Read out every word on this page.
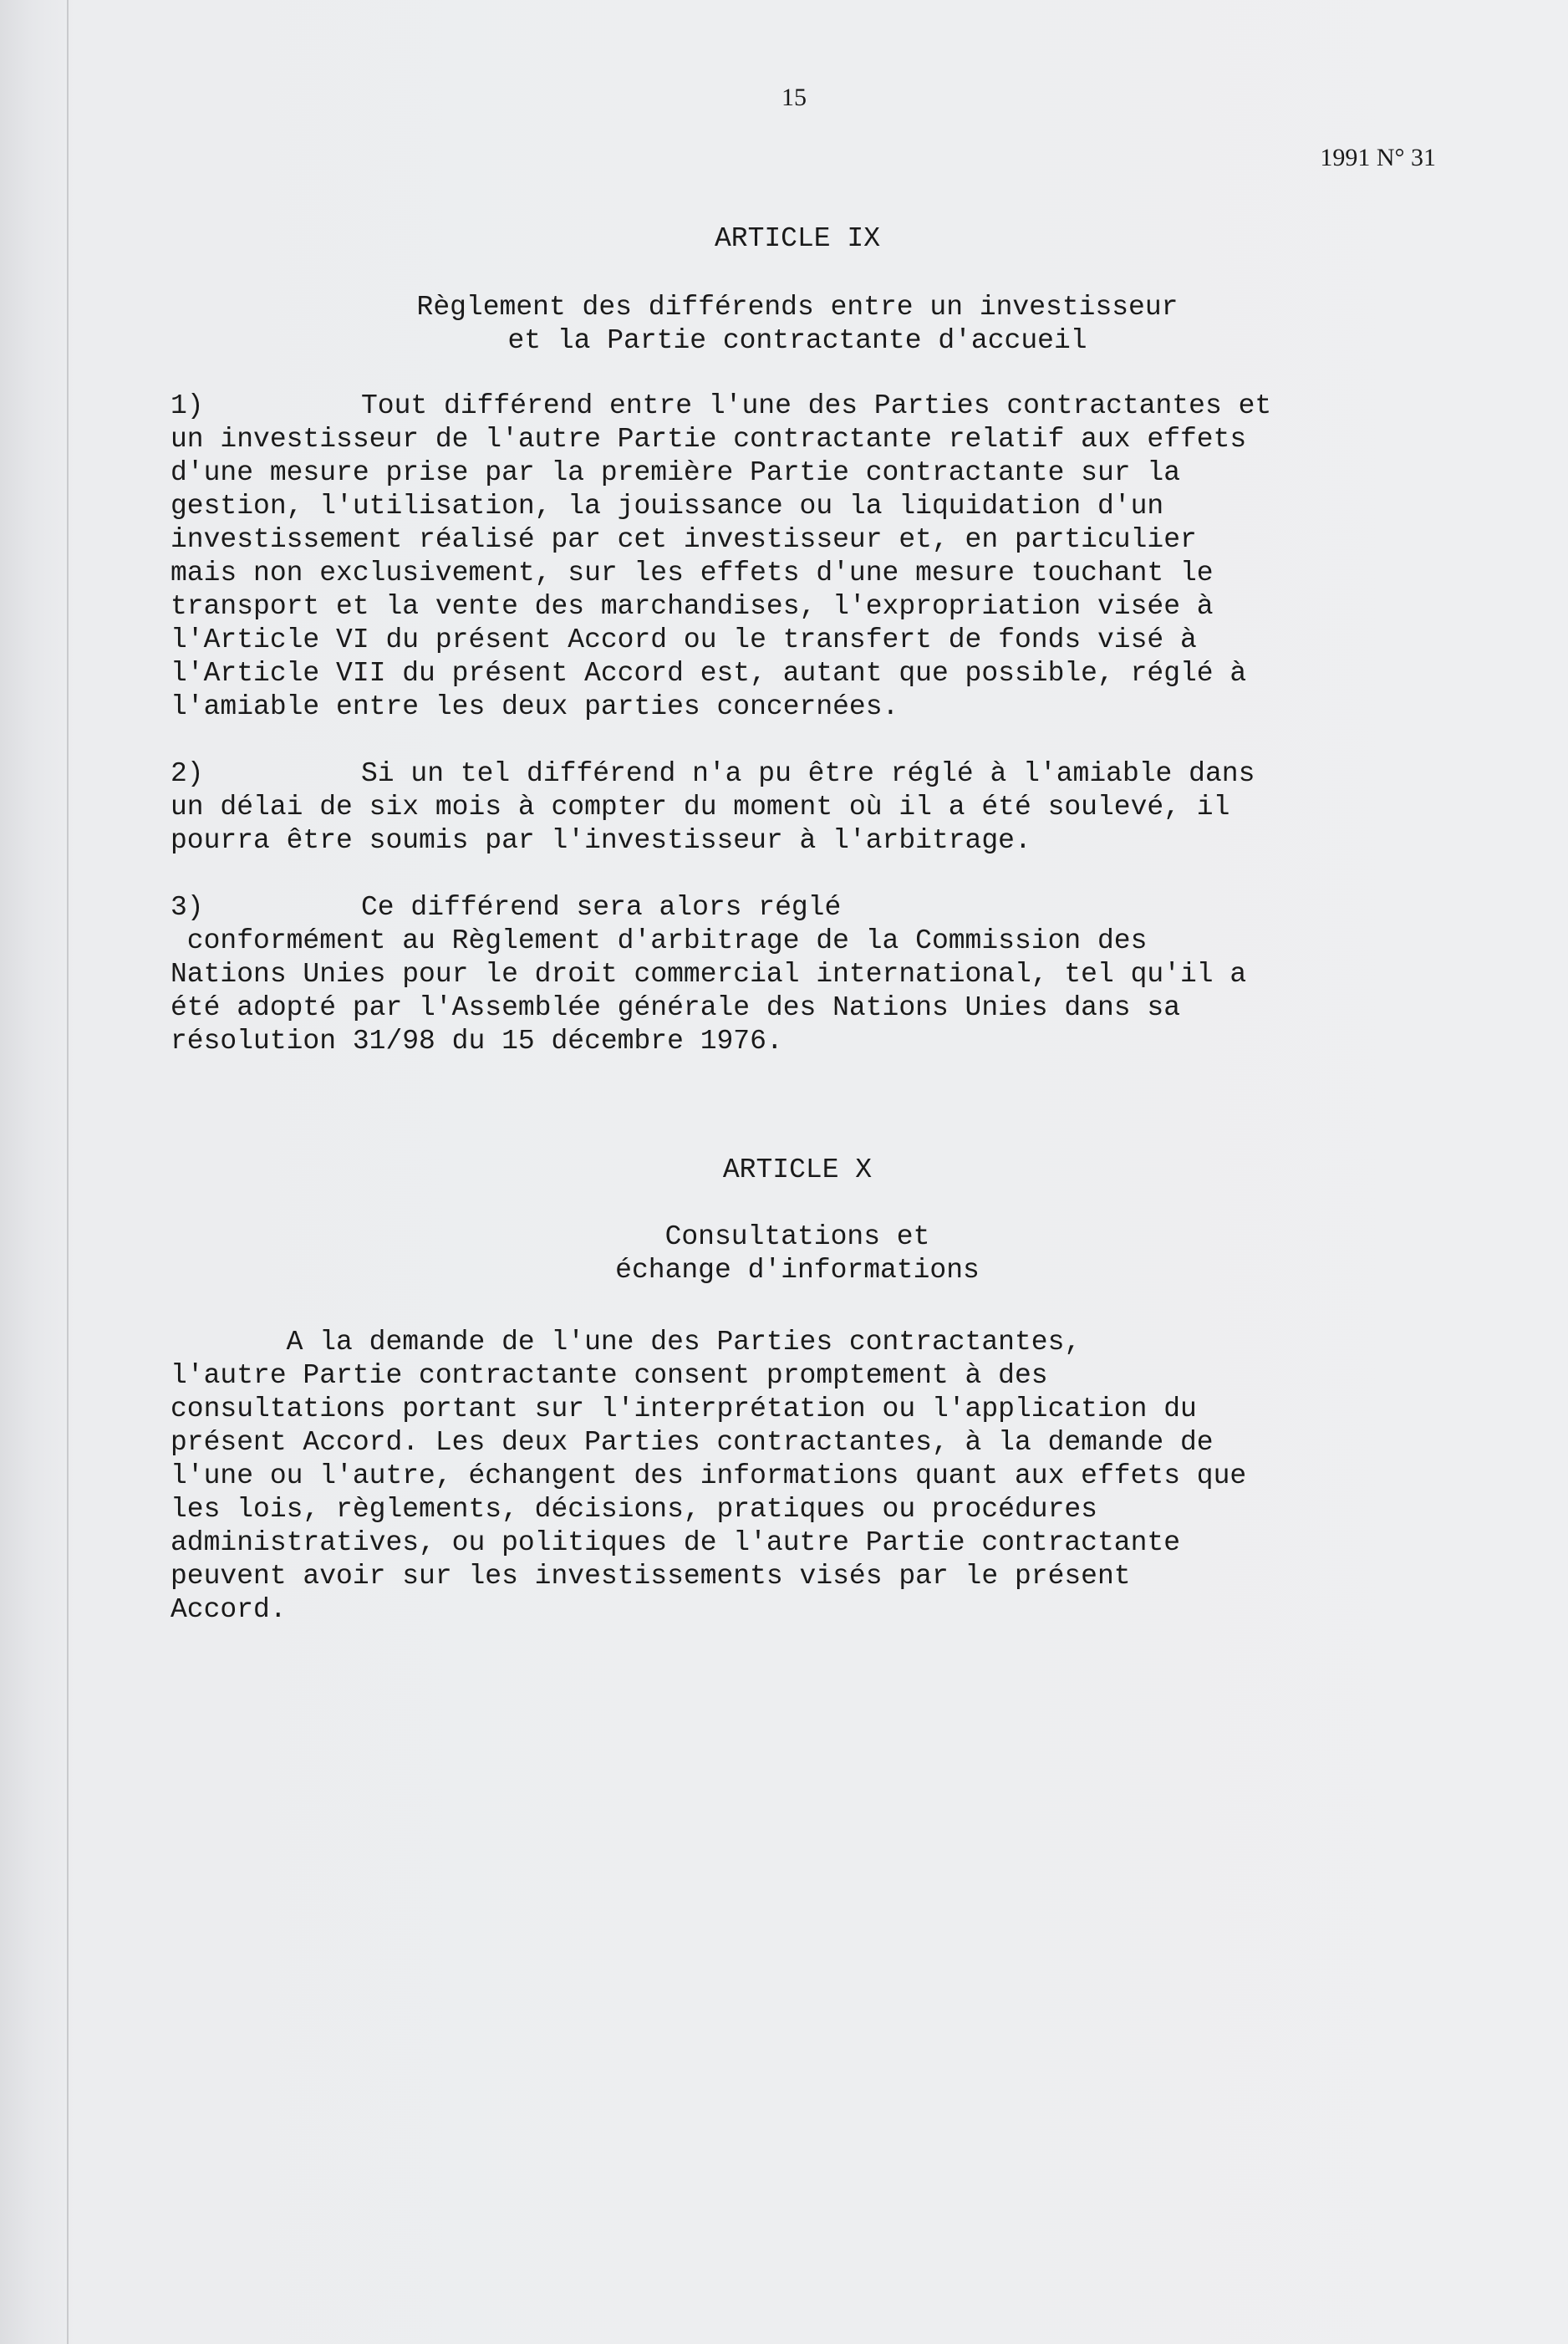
15
1991 N° 31
ARTICLE IX
Règlement des différends entre un investisseur
et la Partie contractante d'accueil
1)	Tout différend entre l'une des Parties contractantes et
un investisseur de l'autre Partie contractante relatif aux effets
d'une mesure prise par la première Partie contractante sur la
gestion, l'utilisation, la jouissance ou la liquidation d'un
investissement réalisé par cet investisseur et, en particulier
mais non exclusivement, sur les effets d'une mesure touchant le
transport et la vente des marchandises, l'expropriation visée à
l'Article VI du présent Accord ou le transfert de fonds visé à
l'Article VII du présent Accord est, autant que possible, réglé à
l'amiable entre les deux parties concernées.
2)	Si un tel différend n'a pu être réglé à l'amiable dans
un délai de six mois à compter du moment où il a été soulevé, il
pourra être soumis par l'investisseur à l'arbitrage.
3)	Ce différend sera alors réglé
conformément au Règlement d'arbitrage de la Commission des
Nations Unies pour le droit commercial international, tel qu'il a
été adopté par l'Assemblée générale des Nations Unies dans sa
résolution 31/98 du 15 décembre 1976.
ARTICLE X
Consultations et
échange d'informations
A la demande de l'une des Parties contractantes,
l'autre Partie contractante consent promptement à des
consultations portant sur l'interprétation ou l'application du
présent Accord. Les deux Parties contractantes, à la demande de
l'une ou l'autre, échangent des informations quant aux effets que
les lois, règlements, décisions, pratiques ou procédures
administratives, ou politiques de l'autre Partie contractante
peuvent avoir sur les investissements visés par le présent
Accord.
